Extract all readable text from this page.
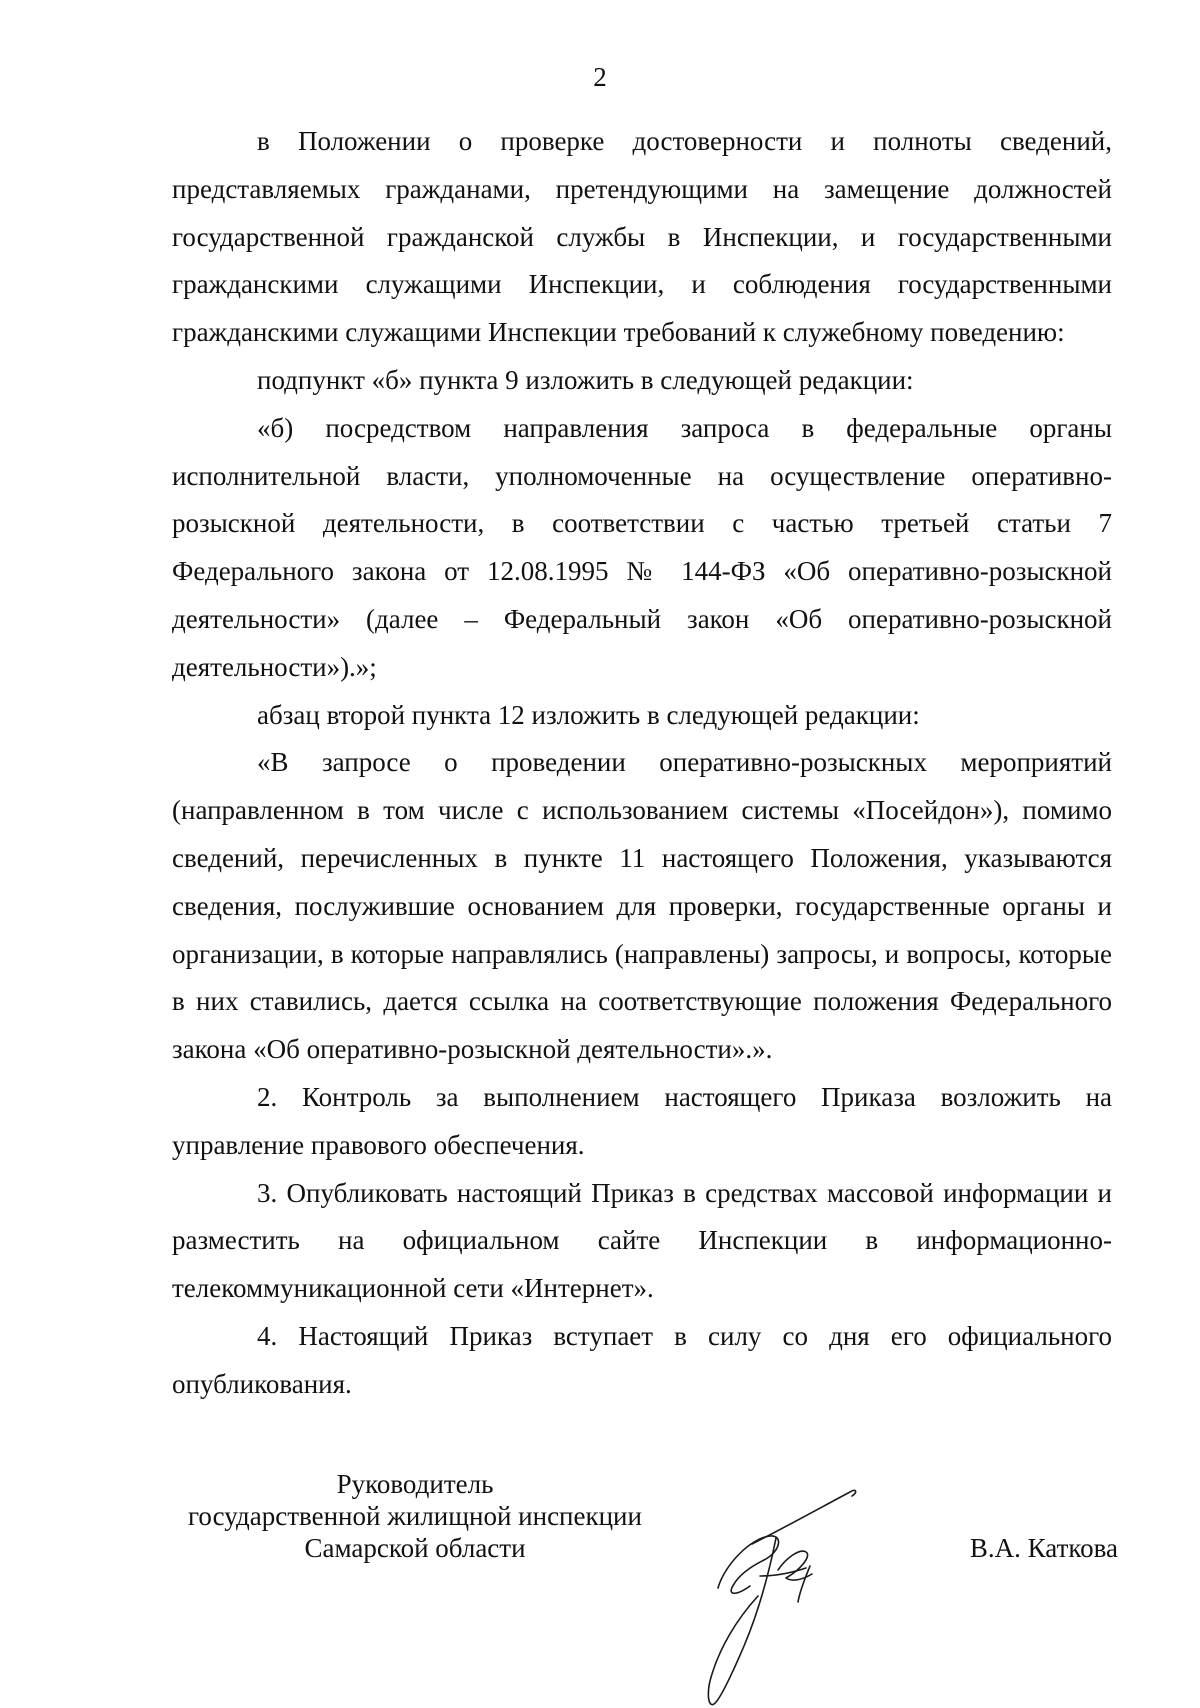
2

в Положении о проверке достоверности и полноты сведений, представляемых гражданами, претендующими на замещение должностей государственной гражданской службы в Инспекции, и государственными гражданскими служащими Инспекции, и соблюдения государственными гражданскими служащими Инспекции требований к служебному поведению:

подпункт «б» пункта 9 изложить в следующей редакции:

«б) посредством направления запроса в федеральные органы исполнительной власти, уполномоченные на осуществление оперативно-розыскной деятельности, в соответствии с частью третьей статьи 7 Федерального закона от 12.08.1995 № 144-ФЗ «Об оперативно-розыскной деятельности» (далее – Федеральный закон «Об оперативно-розыскной деятельности»).»;

абзац второй пункта 12 изложить в следующей редакции:

«В запросе о проведении оперативно-розыскных мероприятий (направленном в том числе с использованием системы «Посейдон»), помимо сведений, перечисленных в пункте 11 настоящего Положения, указываются сведения, послужившие основанием для проверки, государственные органы и организации, в которые направлялись (направлены) запросы, и вопросы, которые в них ставились, дается ссылка на соответствующие положения Федерального закона «Об оперативно-розыскной деятельности».».

2. Контроль за выполнением настоящего Приказа возложить на управление правового обеспечения.

3. Опубликовать настоящий Приказ в средствах массовой информации и разместить на официальном сайте Инспекции в информационно-телекоммуникационной сети «Интернет».

4. Настоящий Приказ вступает в силу со дня его официального опубликования.

Руководитель
государственной жилищной инспекции
Самарской области	В.А. Каткова
